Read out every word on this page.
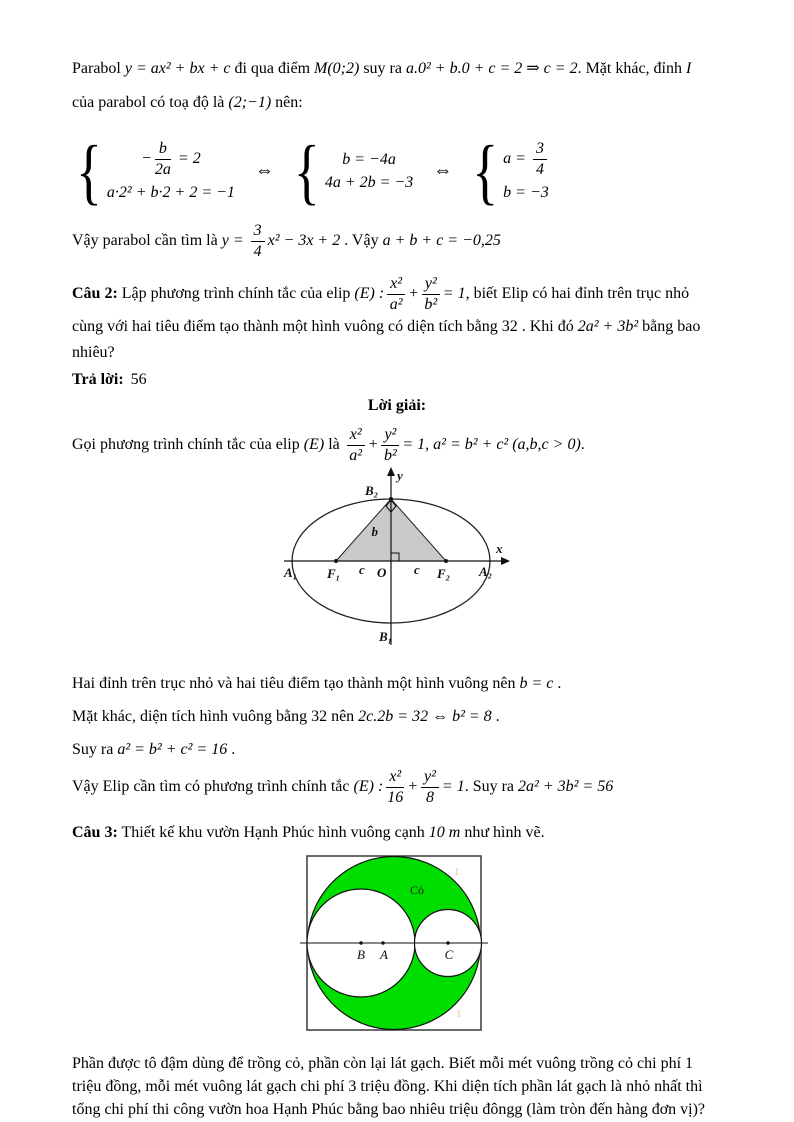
Parabol y = ax² + bx + c đi qua điểm M(0;2) suy ra a.0² + b.0 + c = 2 ⇒ c = 2. Mặt khác, đỉnh I
của parabol có toạ độ là (2;−1) nên:

{ − $\frac{b}{2a} = 2$
a·2² + b·2 + 2 = −1
⇔ { b = −4a
4a + 2b = −3
⇔ { $a = \frac{3}{4}$
b = −3

Vậy parabol cần tìm là $y = \frac{3}{4} x^2 - 3x + 2$ . Vậy a + b + c = −0,25

Câu 2: Lập phương trình chính tắc của elip (E) : $\frac{\text{x²}}{\text{a²}} + \frac{\text{y²}}{\text{b²}} = 1$, biết Elip có hai đỉnh trên trục nhỏ cùng với hai tiêu điểm tạo thành một hình vuông có diện tích bằng 32 . Khi đó 2a² + 3b² bằng bao nhiêu?

Trả lời: 56

Lời giải:

Gọi phương trình chính tắc của elip (E) là $\frac{\text{x²}}{\text{a²}} + \frac{\text{y²}}{\text{b²}} = 1$, a² = b² + c² (a,b,c > 0).

y
x
B₂
B₁
A₁	A₂
F₁	F₂
O
b
c	c

Hai đỉnh trên trục nhỏ và hai tiêu điểm tạo thành một hình vuông nên b = c .

Mặt khác, diện tích hình vuông bằng 32 nên 2c.2b = 32 ⇔ b² = 8 .

Suy ra a² = b² + c² = 16 .

Vậy Elip cần tìm có phương trình chính tắc (E) : $\frac{\text{x²}}{16} + \frac{\text{y²}}{8} = 1$. Suy ra 2a² + 3b² = 56

Câu 3: Thiết kế khu vườn Hạnh Phúc hình vuông cạnh 10 m như hình vẽ.

B A	C
Cỏ
1
1

Phần được tô đậm dùng để trồng cỏ, phần còn lại lát gạch. Biết mỗi mét vuông trồng cỏ chi phí 1 triệu đồng, mỗi mét vuông lát gạch chi phí 3 triệu đồng. Khi diện tích phần lát gạch là nhỏ nhất thì tổng chi phí thi công vườn hoa Hạnh Phúc bằng bao nhiêu triệu đôngg (làm tròn đến hàng đơn vị)?
